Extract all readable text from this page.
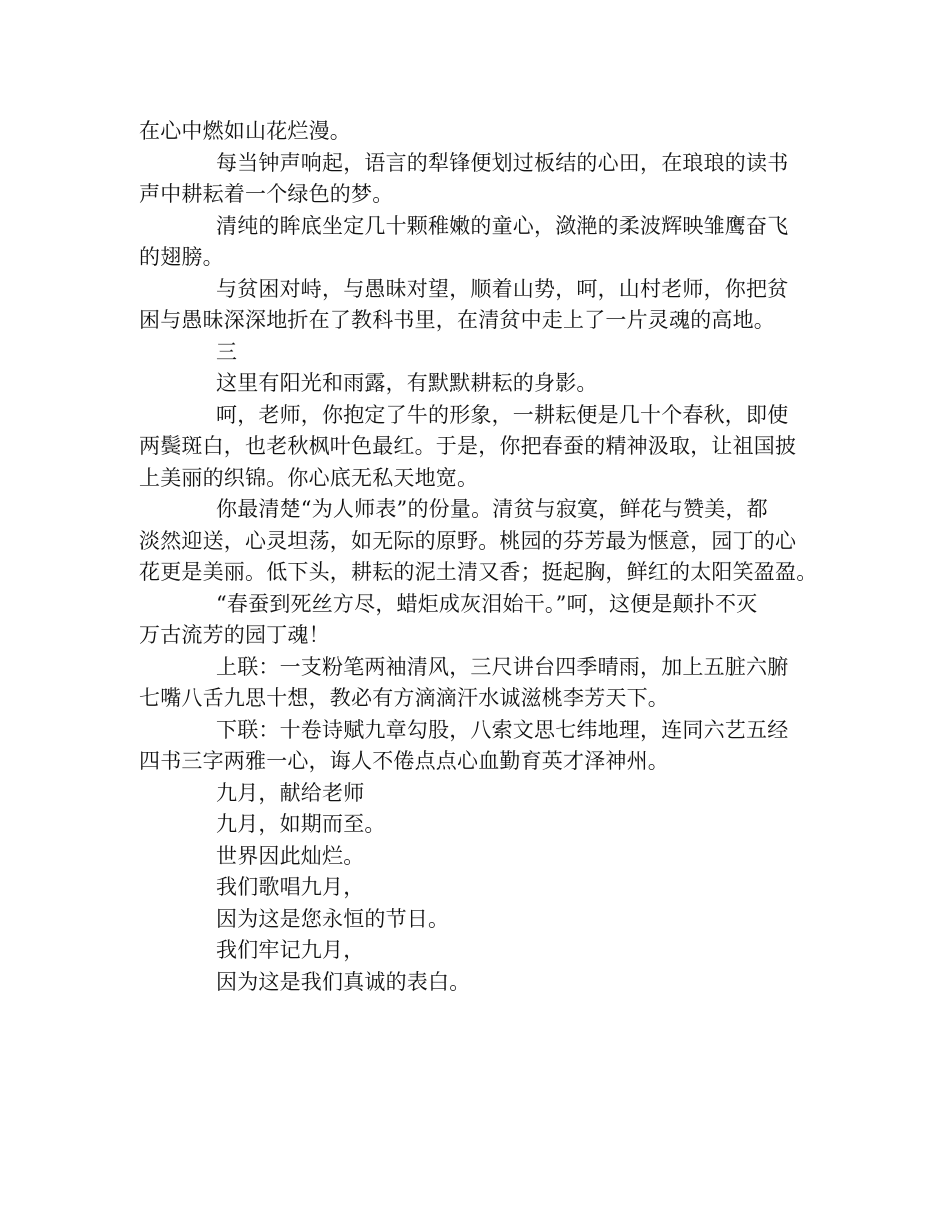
在心中燃如山花烂漫。
每当钟声响起，语言的犁锋便划过板结的心田，在琅琅的读书
声中耕耘着一个绿色的梦。
清纯的眸底坐定几十颗稚嫩的童心，潋滟的柔波辉映雏鹰奋飞
的翅膀。
与贫困对峙，与愚昧对望，顺着山势，呵，山村老师，你把贫
困与愚昧深深地折在了教科书里，在清贫中走上了一片灵魂的高地。
三
这里有阳光和雨露，有默默耕耘的身影。
呵，老师，你抱定了牛的形象，一耕耘便是几十个春秋，即使
两鬓斑白，也老秋枫叶色最红。于是，你把春蚕的精神汲取，让祖国披
上美丽的织锦。你心底无私天地宽。
你最清楚“为人师表”的份量。清贫与寂寞，鲜花与赞美，都
淡然迎送，心灵坦荡，如无际的原野。桃园的芬芳最为惬意，园丁的心
花更是美丽。低下头，耕耘的泥土清又香；挺起胸，鲜红的太阳笑盈盈。
“春蚕到死丝方尽，蜡炬成灰泪始干。”呵，这便是颠扑不灭
万古流芳的园丁魂！
上联：一支粉笔两袖清风，三尺讲台四季晴雨，加上五脏六腑
七嘴八舌九思十想，教必有方滴滴汗水诚滋桃李芳天下。
下联：十卷诗赋九章勾股，八索文思七纬地理，连同六艺五经
四书三字两雅一心，诲人不倦点点心血勤育英才泽神州。
九月，献给老师
九月，如期而至。
世界因此灿烂。
我们歌唱九月，
因为这是您永恒的节日。
我们牢记九月，
因为这是我们真诚的表白。
